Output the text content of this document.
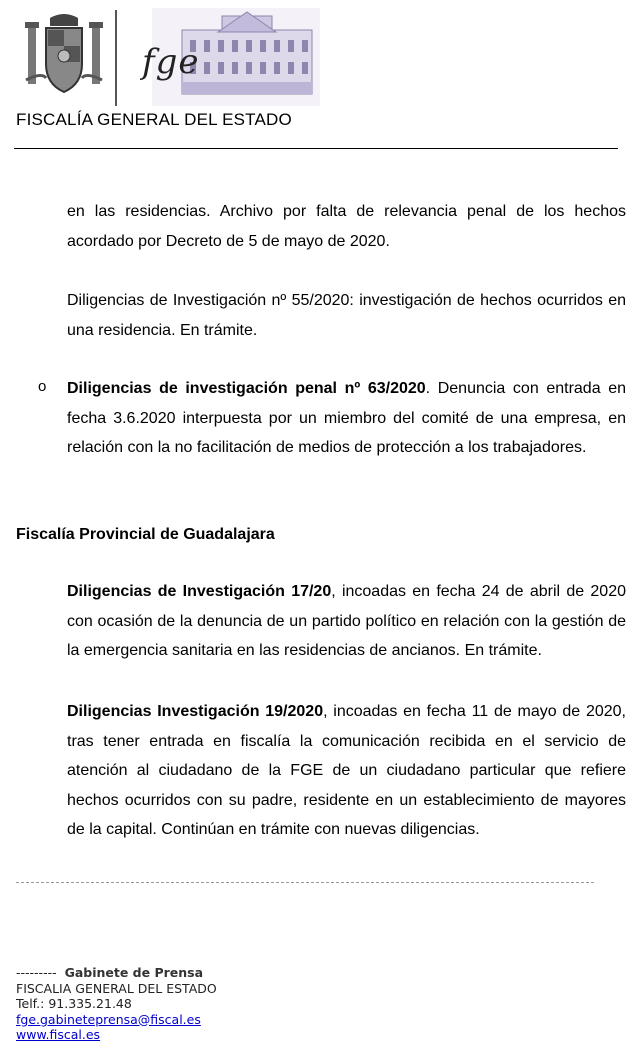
fge
FISCALÍA GENERAL DEL ESTADO
en las residencias. Archivo por falta de relevancia penal de los hechos acordado por Decreto de 5 de mayo de 2020.
Diligencias de Investigación nº 55/2020: investigación de hechos ocurridos en una residencia. En trámite.
o Diligencias de investigación penal nº 63/2020. Denuncia con entrada en fecha 3.6.2020 interpuesta por un miembro del comité de una empresa, en relación con la no facilitación de medios de protección a los trabajadores.
Fiscalía Provincial de Guadalajara
Diligencias de Investigación 17/20, incoadas en fecha 24 de abril de 2020 con ocasión de la denuncia de un partido político en relación con la gestión de la emergencia sanitaria en las residencias de ancianos. En trámite.
Diligencias Investigación 19/2020, incoadas en fecha 11 de mayo de 2020, tras tener entrada en fiscalía la comunicación recibida en el servicio de atención al ciudadano de la FGE de un ciudadano particular que refiere hechos ocurridos con su padre, residente en un establecimiento de mayores de la capital. Continúan en trámite con nuevas diligencias.
--------- Gabinete de Prensa
FISCALIA GENERAL DEL ESTADO
Telf.: 91.335.21.48
fge.gabineteprensa@fiscal.es
www.fiscal.es
